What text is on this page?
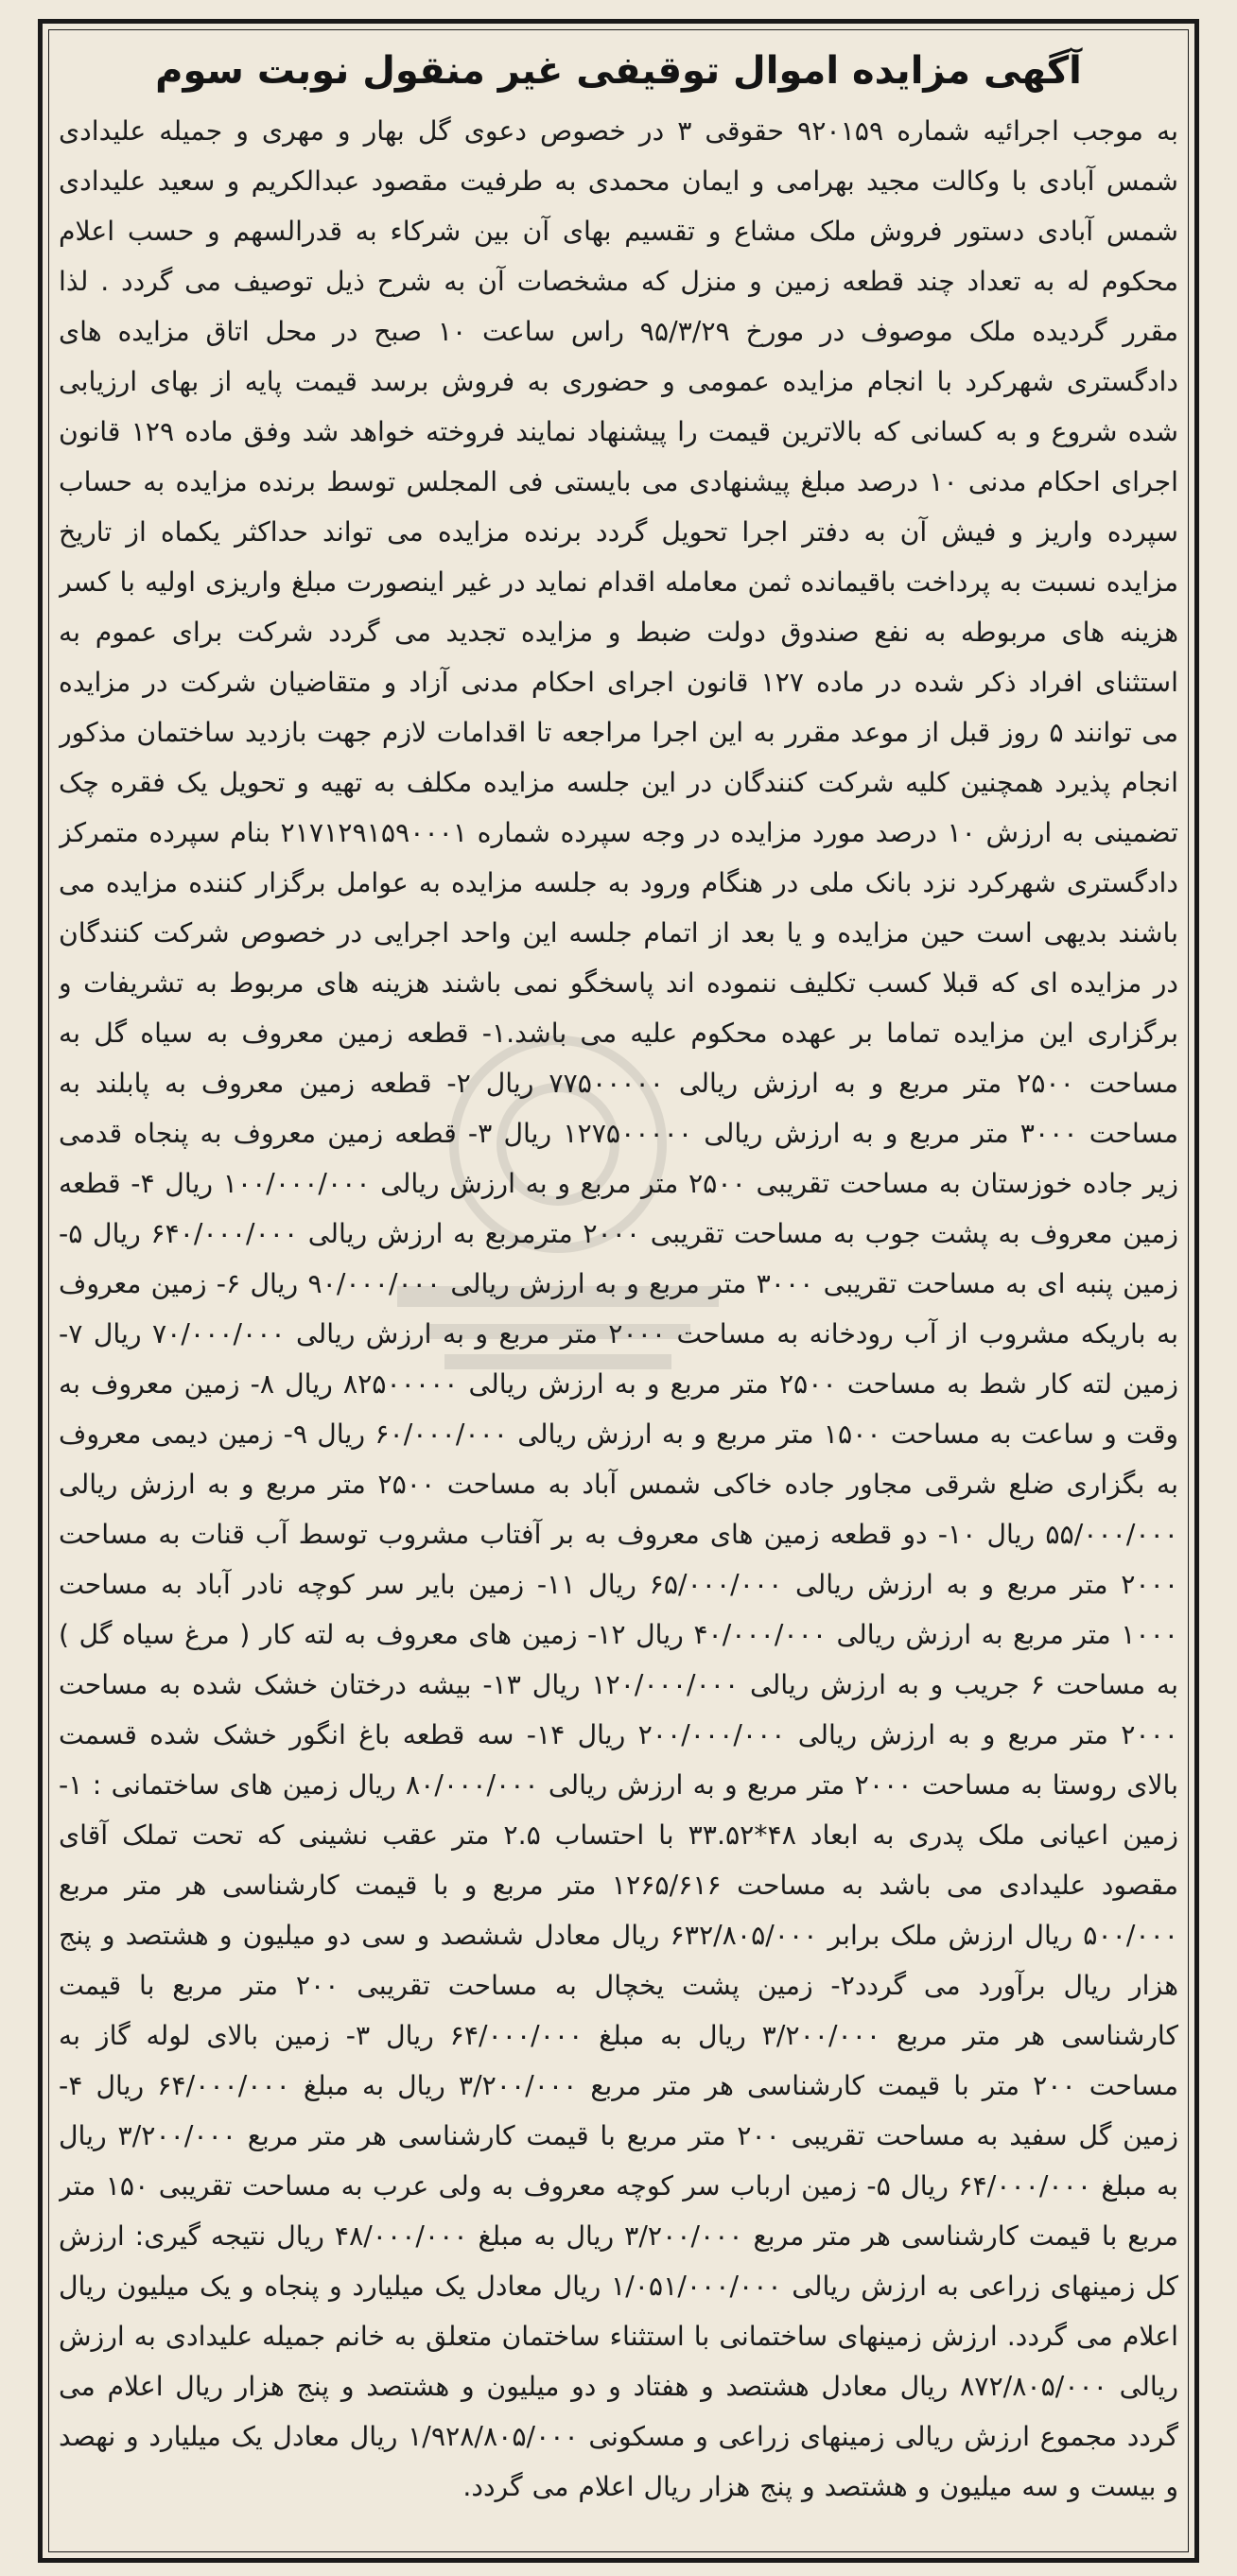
آگهی مزایده اموال توقیفی غیر منقول نوبت سوم
به موجب اجرائیه شماره ۹۲۰۱۵۹ حقوقی ۳ در خصوص دعوی گل بهار و مهری و جمیله علیدادی شمس آبادی با وکالت مجید بهرامی و ایمان محمدی به طرفیت مقصود عبدالکریم و سعید علیدادی شمس آبادی دستور فروش ملک مشاع و تقسیم بهای آن بین شرکاء به قدرالسهم و حسب اعلام محکوم له به تعداد چند قطعه زمین و منزل که مشخصات آن به شرح ذیل توصیف می گردد . لذا مقرر گردیده ملک موصوف در مورخ ۹۵/۳/۲۹ راس ساعت ۱۰ صبح در محل اتاق مزایده های دادگستری شهرکرد با انجام مزایده عمومی و حضوری به فروش برسد قیمت پایه از بهای ارزیابی شده شروع و به کسانی که بالاترین قیمت را پیشنهاد نمایند فروخته خواهد شد وفق ماده ۱۲۹ قانون اجرای احکام مدنی ۱۰ درصد مبلغ پیشنهادی می بایستی فی المجلس توسط برنده مزایده به حساب سپرده واریز و فیش آن به دفتر اجرا تحویل گردد برنده مزایده می تواند حداکثر یکماه از تاریخ مزایده نسبت به پرداخت باقیمانده ثمن معامله اقدام نماید در غیر اینصورت مبلغ واریزی اولیه با کسر هزینه های مربوطه به نفع صندوق دولت ضبط و مزایده تجدید می گردد شرکت برای عموم به استثنای افراد ذکر شده در ماده ۱۲۷ قانون اجرای احکام مدنی آزاد و متقاضیان شرکت در مزایده می توانند ۵ روز قبل از موعد مقرر به این اجرا مراجعه تا اقدامات لازم جهت بازدید ساختمان مذکور انجام پذیرد همچنین کلیه شرکت کنندگان در این جلسه مزایده مکلف به تهیه و تحویل یک فقره چک تضمینی به ارزش ۱۰ درصد مورد مزایده در وجه سپرده شماره ۲۱۷۱۲۹۱۵۹۰۰۰۱ بنام سپرده متمرکز دادگستری شهرکرد نزد بانک ملی در هنگام ورود به جلسه مزایده به عوامل برگزار کننده مزایده می باشند بدیهی است حین مزایده و یا بعد از اتمام جلسه این واحد اجرایی در خصوص شرکت کنندگان در مزایده ای که قبلا کسب تکلیف ننموده اند پاسخگو نمی باشند هزینه های مربوط به تشریفات و برگزاری این مزایده تماما بر عهده محکوم علیه می باشد.۱- قطعه زمین معروف به سیاه گل به مساحت ۲۵۰۰ متر مربع و به ارزش ریالی ۷۷۵۰۰۰۰۰ ریال ۲- قطعه زمین معروف به پابلند به مساحت ۳۰۰۰ متر مربع و به ارزش ریالی ۱۲۷۵۰۰۰۰۰ ریال ۳- قطعه زمین معروف به پنجاه قدمی زیر جاده خوزستان به مساحت تقریبی ۲۵۰۰ متر مربع و به ارزش ریالی ۱۰۰/۰۰۰/۰۰۰ ریال ۴- قطعه زمین معروف به پشت جوب به مساحت تقریبی ۲۰۰۰ مترمربع به ارزش ریالی ۶۴۰/۰۰۰/۰۰۰ ریال ۵- زمین پنبه ای به مساحت تقریبی ۳۰۰۰ متر مربع و به ارزش ریالی ۹۰/۰۰۰/۰۰۰ ریال ۶- زمین معروف به باریکه مشروب از آب رودخانه به مساحت ۲۰۰۰ متر مربع و به ارزش ریالی ۷۰/۰۰۰/۰۰۰ ریال ۷- زمین لته کار شط به مساحت ۲۵۰۰ متر مربع و به ارزش ریالی ۸۲۵۰۰۰۰۰ ریال ۸- زمین معروف به وقت و ساعت به مساحت ۱۵۰۰ متر مربع و به ارزش ریالی ۶۰/۰۰۰/۰۰۰ ریال ۹- زمین دیمی معروف به بگزاری ضلع شرقی مجاور جاده خاکی شمس آباد به مساحت ۲۵۰۰ متر مربع و به ارزش ریالی ۵۵/۰۰۰/۰۰۰ ریال ۱۰- دو قطعه زمین های معروف به بر آفتاب مشروب توسط آب قنات به مساحت ۲۰۰۰ متر مربع و به ارزش ریالی ۶۵/۰۰۰/۰۰۰ ریال ۱۱- زمین بایر سر کوچه نادر آباد به مساحت ۱۰۰۰ متر مربع به ارزش ریالی ۴۰/۰۰۰/۰۰۰ ریال ۱۲- زمین های معروف به لته کار ( مرغ سیاه گل ) به مساحت ۶ جریب و به ارزش ریالی ۱۲۰/۰۰۰/۰۰۰ ریال ۱۳- بیشه درختان خشک شده به مساحت ۲۰۰۰ متر مربع و به ارزش ریالی ۲۰۰/۰۰۰/۰۰۰ ریال ۱۴- سه قطعه باغ انگور خشک شده قسمت بالای روستا به مساحت ۲۰۰۰ متر مربع و به ارزش ریالی ۸۰/۰۰۰/۰۰۰ ریال زمین های ساختمانی : ۱- زمین اعیانی ملک پدری به ابعاد ۴۸*۳۳.۵۲ با احتساب ۲.۵ متر عقب نشینی که تحت تملک آقای مقصود علیدادی می باشد به مساحت ۱۲۶۵/۶۱۶ متر مربع و با قیمت کارشناسی هر متر مربع ۵۰۰/۰۰۰ ریال ارزش ملک برابر ۶۳۲/۸۰۵/۰۰۰ ریال معادل ششصد و سی دو میلیون و هشتصد و پنج هزار ریال برآورد می گردد۲- زمین پشت یخچال به مساحت تقریبی ۲۰۰ متر مربع با قیمت کارشناسی هر متر مربع ۳/۲۰۰/۰۰۰ ریال به مبلغ ۶۴/۰۰۰/۰۰۰ ریال ۳- زمین بالای لوله گاز به مساحت ۲۰۰ متر با قیمت کارشناسی هر متر مربع ۳/۲۰۰/۰۰۰ ریال به مبلغ ۶۴/۰۰۰/۰۰۰ ریال ۴- زمین گل سفید به مساحت تقریبی ۲۰۰ متر مربع با قیمت کارشناسی هر متر مربع ۳/۲۰۰/۰۰۰ ریال به مبلغ ۶۴/۰۰۰/۰۰۰ ریال ۵- زمین ارباب سر کوچه معروف به ولی عرب به مساحت تقریبی ۱۵۰ متر مربع با قیمت کارشناسی هر متر مربع ۳/۲۰۰/۰۰۰ ریال به مبلغ ۴۸/۰۰۰/۰۰۰ ریال نتیجه گیری: ارزش کل زمینهای زراعی به ارزش ریالی ۱/۰۵۱/۰۰۰/۰۰۰ ریال معادل یک میلیارد و پنجاه و یک میلیون ریال اعلام می گردد. ارزش زمینهای ساختمانی با استثناء ساختمان متعلق به خانم جمیله علیدادی به ارزش ریالی ۸۷۲/۸۰۵/۰۰۰ ریال معادل هشتصد و هفتاد و دو میلیون و هشتصد و پنج هزار ریال اعلام می گردد مجموع ارزش ریالی زمینهای زراعی و مسکونی ۱/۹۲۸/۸۰۵/۰۰۰ ریال معادل یک میلیارد و نهصد و بیست و سه میلیون و هشتصد و پنج هزار ریال اعلام می گردد.
